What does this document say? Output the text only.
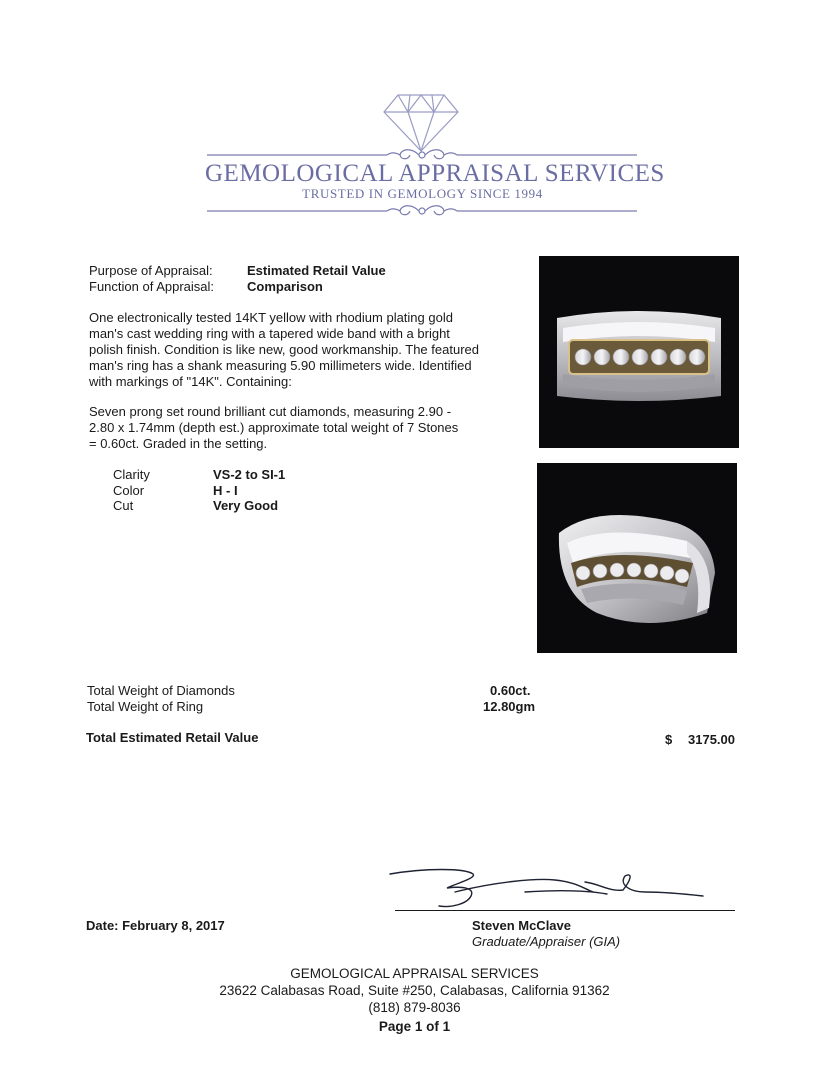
GEMOLOGICAL APPRAISAL SERVICES
TRUSTED IN GEMOLOGY SINCE 1994
Purpose of Appraisal:	Estimated Retail Value
Function of Appraisal:	Comparison
One electronically tested 14KT yellow with rhodium plating gold
man's cast wedding ring with a tapered wide band with a bright
polish finish. Condition is like new, good workmanship. The featured
man's ring has a shank measuring 5.90 millimeters wide. Identified
with markings of "14K". Containing:
Seven prong set round brilliant cut diamonds, measuring 2.90 -
2.80 x 1.74mm (depth est.) approximate total weight of 7 Stones
= 0.60ct. Graded in the setting.
Clarity	VS-2 to SI-1
Color	H - I
Cut	Very Good
Total Weight of Diamonds	0.60ct.
Total Weight of Ring	12.80gm
Total Estimated Retail Value	$ 3175.00
Date: February 8, 2017	Steven McClave
Graduate/Appraiser (GIA)
GEMOLOGICAL APPRAISAL SERVICES
23622 Calabasas Road, Suite #250, Calabasas, California 91362
(818) 879-8036
Page 1 of 1
